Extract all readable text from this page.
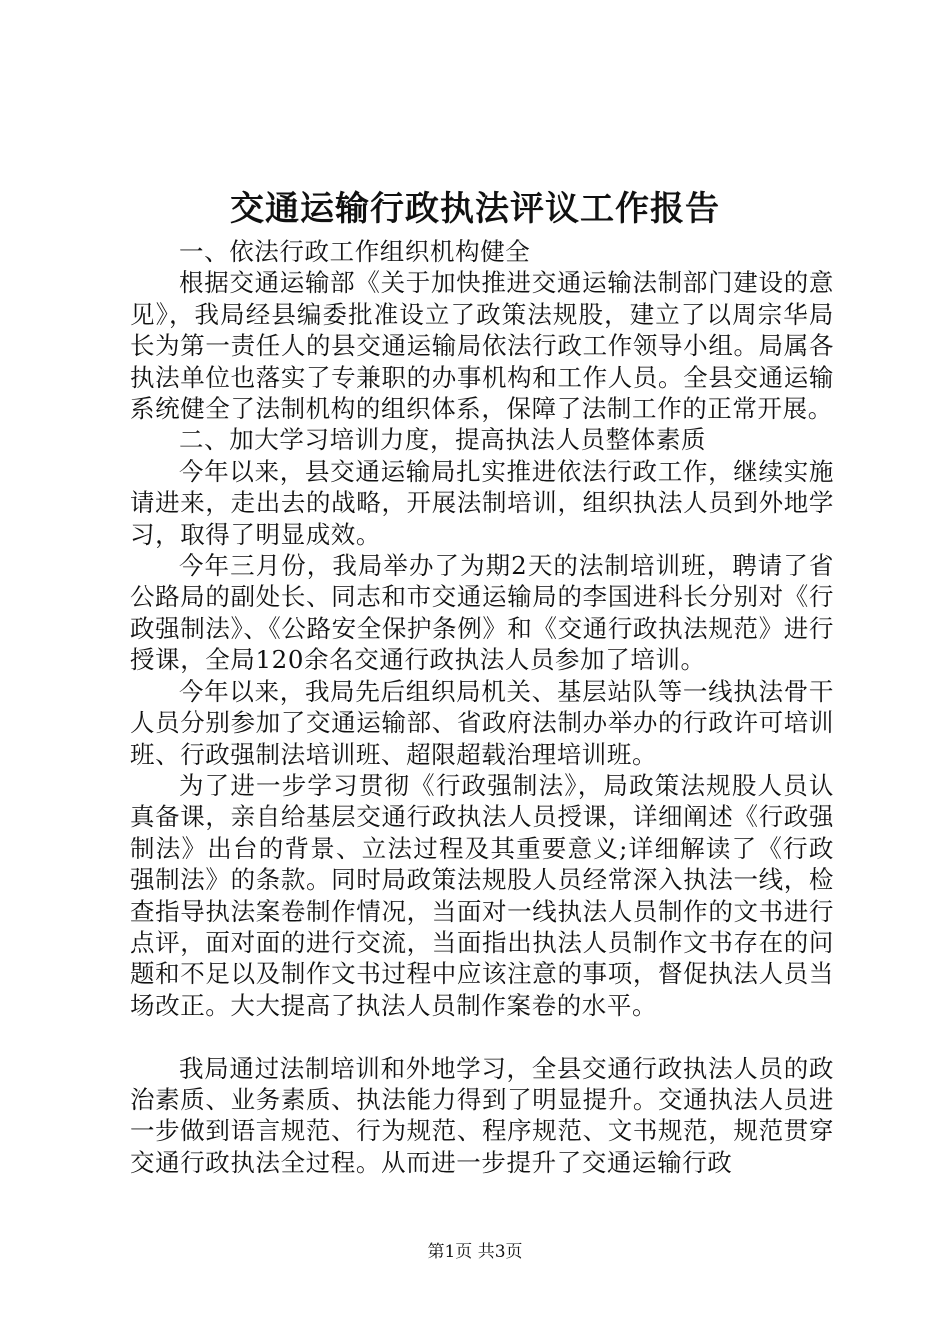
交通运输行政执法评议工作报告

一、依法行政工作组织机构健全

根据交通运输部《关于加快推进交通运输法制部门建设的意见》，我局经县编委批准设立了政策法规股，建立了以周宗华局长为第一责任人的县交通运输局依法行政工作领导小组。局属各执法单位也落实了专兼职的办事机构和工作人员。全县交通运输系统健全了法制机构的组织体系，保障了法制工作的正常开展。

二、加大学习培训力度，提高执法人员整体素质

今年以来，县交通运输局扎实推进依法行政工作，继续实施请进来，走出去的战略，开展法制培训，组织执法人员到外地学习，取得了明显成效。

今年三月份，我局举办了为期2天的法制培训班，聘请了省公路局的副处长、同志和市交通运输局的李国进科长分别对《行政强制法》、《公路安全保护条例》和《交通行政执法规范》进行授课，全局120余名交通行政执法人员参加了培训。

今年以来，我局先后组织局机关、基层站队等一线执法骨干人员分别参加了交通运输部、省政府法制办举办的行政许可培训班、行政强制法培训班、超限超载治理培训班。

为了进一步学习贯彻《行政强制法》，局政策法规股人员认真备课，亲自给基层交通行政执法人员授课，详细阐述《行政强制法》出台的背景、立法过程及其重要意义;详细解读了《行政强制法》的条款。同时局政策法规股人员经常深入执法一线，检查指导执法案卷制作情况，当面对一线执法人员制作的文书进行点评，面对面的进行交流，当面指出执法人员制作文书存在的问题和不足以及制作文书过程中应该注意的事项，督促执法人员当场改正。大大提高了执法人员制作案卷的水平。

我局通过法制培训和外地学习，全县交通行政执法人员的政治素质、业务素质、执法能力得到了明显提升。交通执法人员进一步做到语言规范、行为规范、程序规范、文书规范，规范贯穿交通行政执法全过程。从而进一步提升了交通运输行政

第1页 共3页
